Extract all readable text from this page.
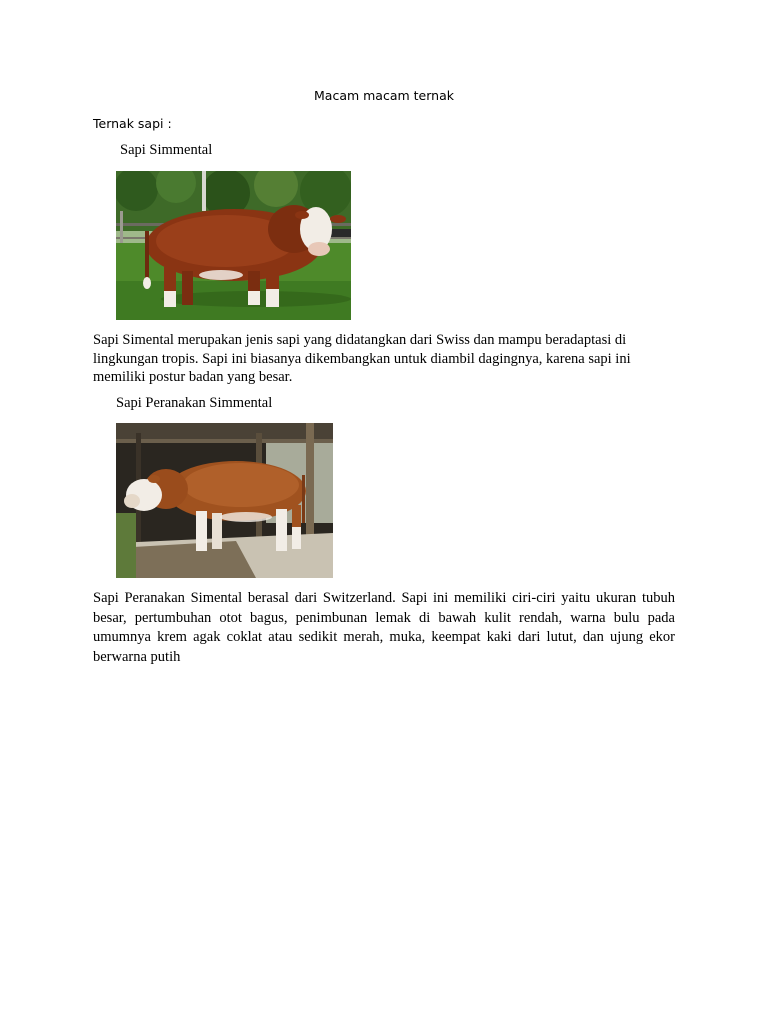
Macam macam ternak
Ternak sapi :
Sapi Simmental
Sapi Simental merupakan jenis sapi yang didatangkan dari Swiss dan mampu beradaptasi di lingkungan tropis. Sapi ini biasanya dikembangkan untuk diambil dagingnya, karena sapi ini memiliki postur badan yang besar.
Sapi Peranakan Simmental
Sapi Peranakan Simental berasal dari Switzerland. Sapi ini memiliki ciri-ciri yaitu ukuran tubuh besar, pertumbuhan otot bagus, penimbunan lemak di bawah kulit rendah, warna bulu pada umumnya krem agak coklat atau sedikit merah, muka, keempat kaki dari lutut, dan ujung ekor berwarna putih
